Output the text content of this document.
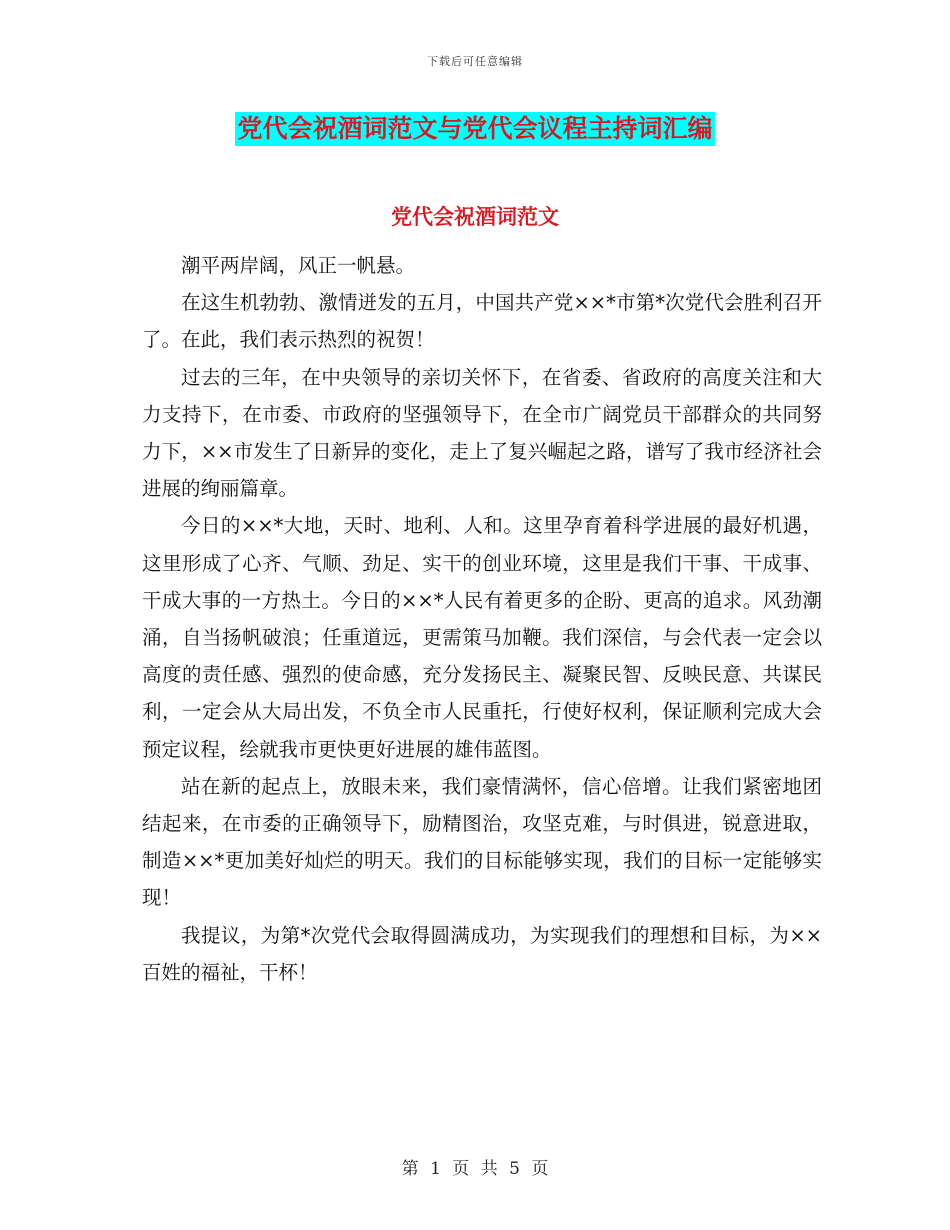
下载后可任意编辑
党代会祝酒词范文与党代会议程主持词汇编
党代会祝酒词范文

潮平两岸阔，风正一帆悬。

在这生机勃勃、激情迸发的五月，中国共产党××*市第*次党代会胜利召开了。在此，我们表示热烈的祝贺！

过去的三年，在中央领导的亲切关怀下，在省委、省政府的高度关注和大力支持下，在市委、市政府的坚强领导下，在全市广阔党员干部群众的共同努力下，××市发生了日新异的变化，走上了复兴崛起之路，谱写了我市经济社会进展的绚丽篇章。

今日的××*大地，天时、地利、人和。这里孕育着科学进展的最好机遇，这里形成了心齐、气顺、劲足、实干的创业环境，这里是我们干事、干成事、干成大事的一方热土。今日的××*人民有着更多的企盼、更高的追求。风劲潮涌，自当扬帆破浪；任重道远，更需策马加鞭。我们深信，与会代表一定会以高度的责任感、强烈的使命感，充分发扬民主、凝聚民智、反映民意、共谋民利，一定会从大局出发，不负全市人民重托，行使好权利，保证顺利完成大会预定议程，绘就我市更快更好进展的雄伟蓝图。

站在新的起点上，放眼未来，我们豪情满怀，信心倍增。让我们紧密地团结起来，在市委的正确领导下，励精图治，攻坚克难，与时俱进，锐意进取，制造××*更加美好灿烂的明天。我们的目标能够实现，我们的目标一定能够实现！

我提议，为第*次党代会取得圆满成功，为实现我们的理想和目标，为××百姓的福祉，干杯！

第 1 页 共 5 页
